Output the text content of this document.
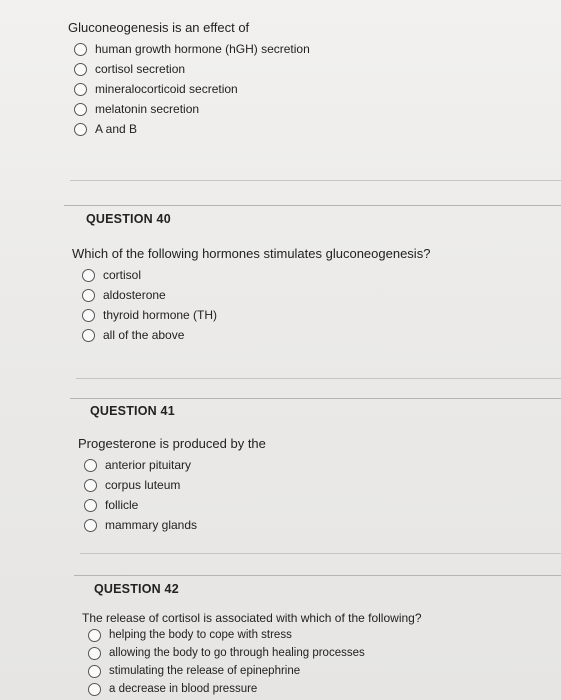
Gluconeogenesis is an effect of

human growth hormone (hGH) secretion
cortisol secretion
mineralocorticoid secretion
melatonin secretion
A and B
QUESTION 40

Which of the following hormones stimulates gluconeogenesis?

cortisol
aldosterone
thyroid hormone (TH)
all of the above
QUESTION 41

Progesterone is produced by the

anterior pituitary
corpus luteum
follicle
mammary glands
QUESTION 42

The release of cortisol is associated with which of the following?

helping the body to cope with stress
allowing the body to go through healing processes
stimulating the release of epinephrine
a decrease in blood pressure
